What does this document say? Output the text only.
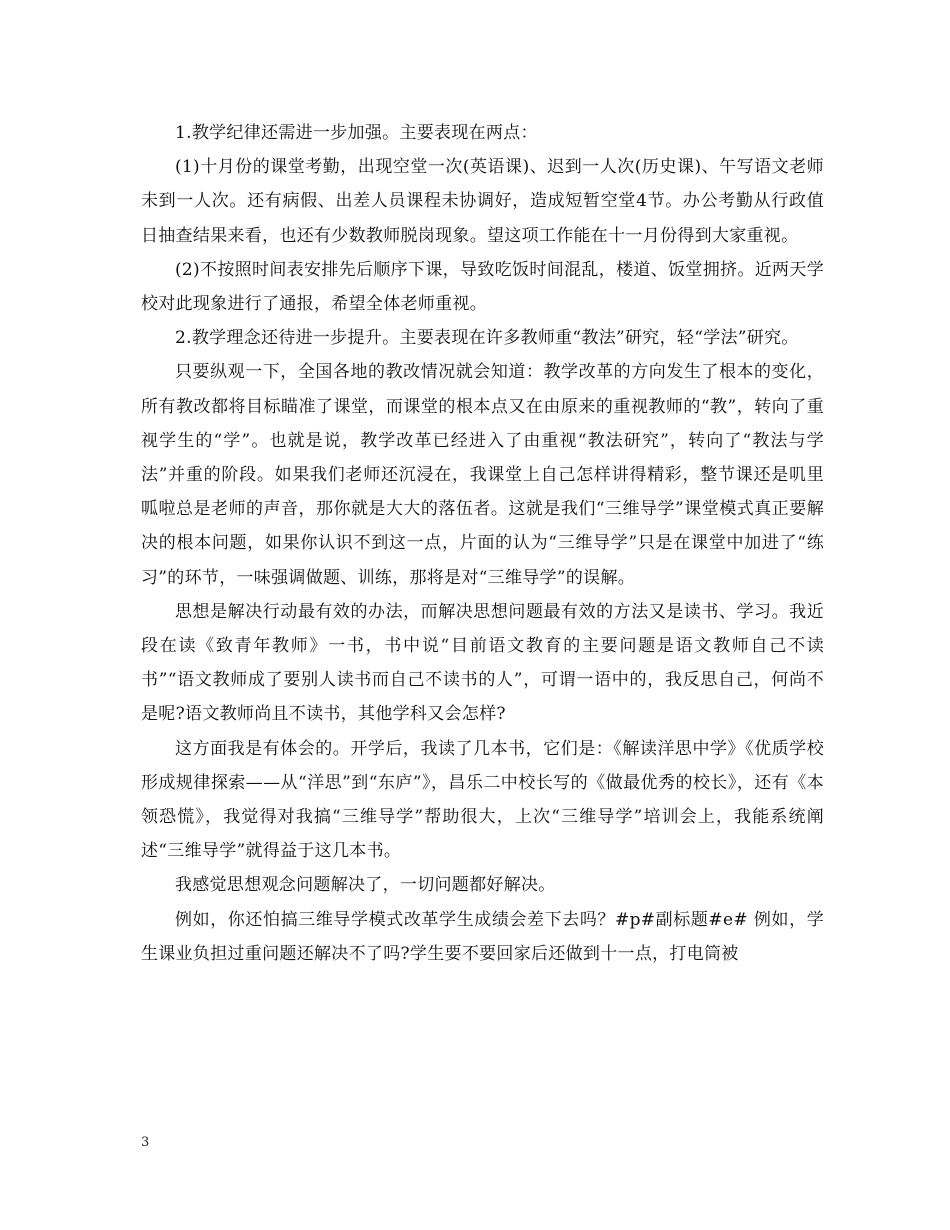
1.教学纪律还需进一步加强。主要表现在两点：

(1)十月份的课堂考勤，出现空堂一次(英语课)、迟到一人次(历史课)、午写语文老师未到一人次。还有病假、出差人员课程未协调好，造成短暂空堂4节。办公考勤从行政值日抽查结果来看，也还有少数教师脱岗现象。望这项工作能在十一月份得到大家重视。

(2)不按照时间表安排先后顺序下课，导致吃饭时间混乱，楼道、饭堂拥挤。近两天学校对此现象进行了通报，希望全体老师重视。

2.教学理念还待进一步提升。主要表现在许多教师重“教法”研究，轻“学法”研究。

只要纵观一下，全国各地的教改情况就会知道：教学改革的方向发生了根本的变化，所有教改都将目标瞄准了课堂，而课堂的根本点又在由原来的重视教师的“教”，转向了重视学生的“学”。也就是说，教学改革已经进入了由重视“教法研究”，转向了“教法与学法”并重的阶段。如果我们老师还沉浸在，我课堂上自己怎样讲得精彩，整节课还是叽里呱啦总是老师的声音，那你就是大大的落伍者。这就是我们“三维导学”课堂模式真正要解决的根本问题，如果你认识不到这一点，片面的认为“三维导学”只是在课堂中加进了“练习”的环节，一味强调做题、训练，那将是对“三维导学”的误解。

思想是解决行动最有效的办法，而解决思想问题最有效的方法又是读书、学习。我近段在读《致青年教师》一书，书中说“目前语文教育的主要问题是语文教师自己不读书”“语文教师成了要别人读书而自己不读书的人”，可谓一语中的，我反思自己，何尚不是呢?语文教师尚且不读书，其他学科又会怎样?

这方面我是有体会的。开学后，我读了几本书，它们是：《解读洋思中学》《优质学校形成规律探索——从“洋思”到“东庐”》，昌乐二中校长写的《做最优秀的校长》，还有《本领恐慌》，我觉得对我搞“三维导学”帮助很大，上次“三维导学”培训会上，我能系统阐述“三维导学”就得益于这几本书。

我感觉思想观念问题解决了，一切问题都好解决。

例如，你还怕搞三维导学模式改革学生成绩会差下去吗？#p#副标题#e# 例如，学生课业负担过重问题还解决不了吗?学生要不要回家后还做到十一点，打电筒被

3
